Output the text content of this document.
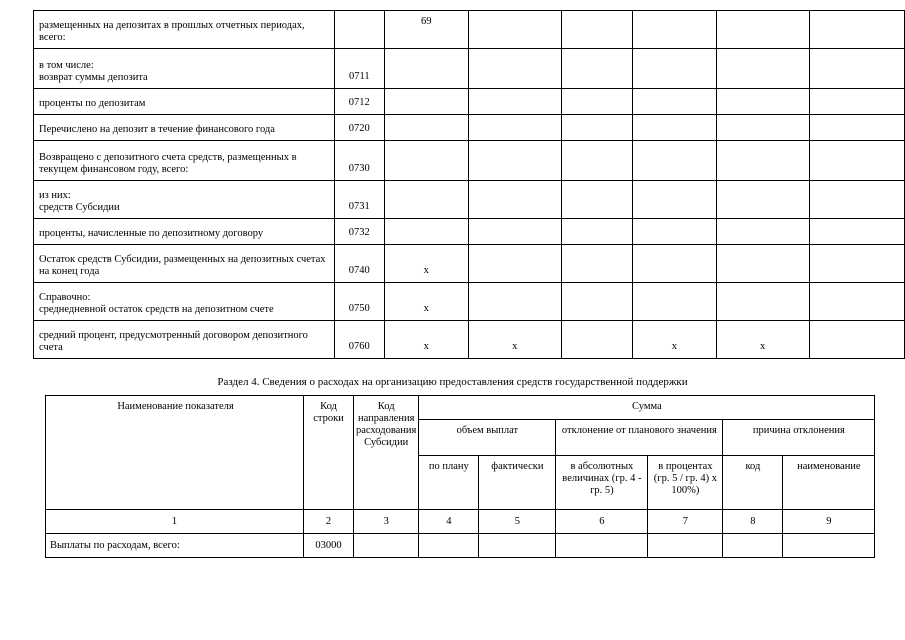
размещенных на депозитах в прошлых отчетных периодах, всего:		69					
в том числе:
возврат суммы депозита	0711						
проценты по депозитам	0712						
Перечислено на депозит в течение финансового года	0720						
Возвращено с депозитного счета средств, размещенных в текущем финансовом году, всего:	0730						
из них:
средств Субсидии	0731						
проценты, начисленные по депозитному договору	0732						
Остаток средств Субсидии, размещенных на депозитных счетах на конец года	0740	х					
Справочно:
среднедневной остаток средств на депозитном счете	0750	х					
средний процент, предусмотренный договором депозитного счета	0760	х	х		х	х	
Раздел 4. Сведения о расходах на организацию предоставления средств государственной поддержки
Наименование показателя	Код строки	Код направления расходования Субсидии	Сумма					
			объем выплат		отклонение от планового значения		причина отклонения	
			по плану	фактически	в абсолютных величинах (гр. 4 - гр. 5)	в процентах (гр. 5 / гр. 4) x 100%)	код	наименование
1	2	3	4	5	6	7	8	9
Выплаты по расходам, всего:	03000							
